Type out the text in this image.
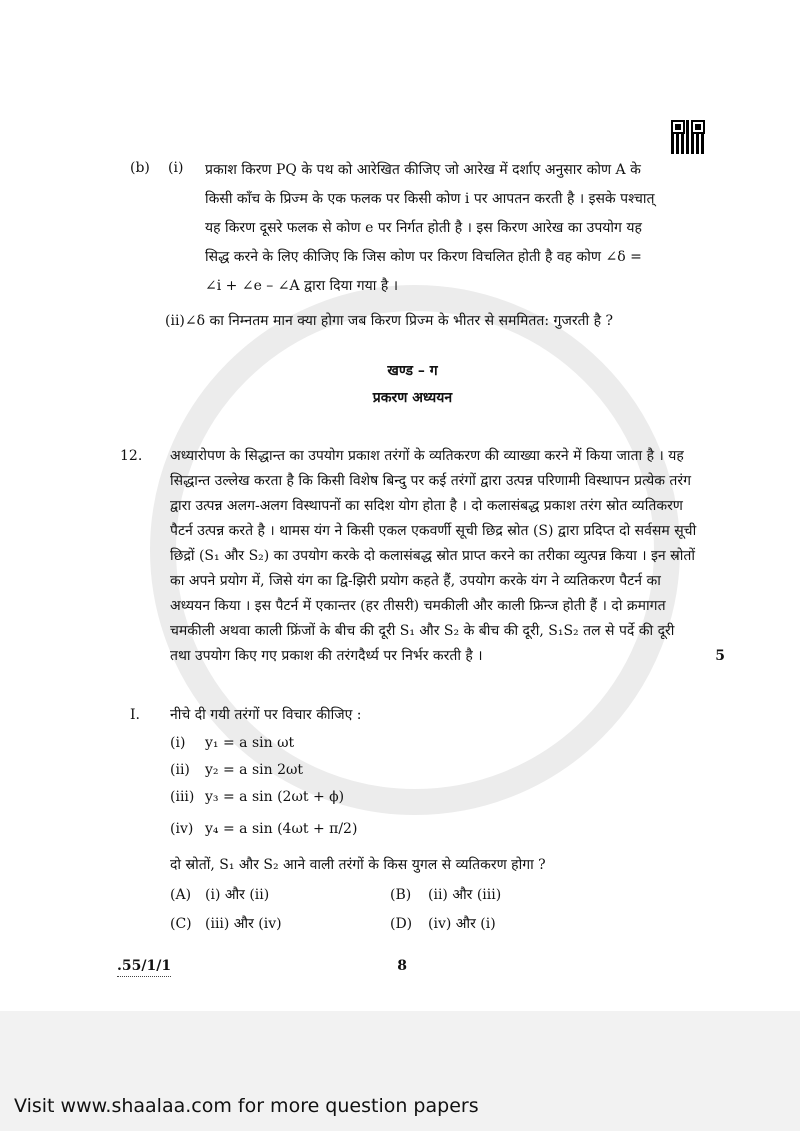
(b)	(i)	प्रकाश किरण PQ के पथ को आरेखित कीजिए जो आरेख में दर्शाए अनुसार कोण A के
किसी काँच के प्रिज्म के एक फलक पर किसी कोण i पर आपतन करती है । इसके पश्चात्
यह किरण दूसरे फलक से कोण e पर निर्गत होती है । इस किरण आरेख का उपयोग यह
सिद्ध करने के लिए कीजिए कि जिस कोण पर किरण विचलित होती है वह कोण ∠δ =
∠i + ∠e – ∠A द्वारा दिया गया है ।
(ii)∠δ का निम्नतम मान क्या होगा जब किरण प्रिज्म के भीतर से सममितत: गुजरती है ?
खण्ड – ग
प्रकरण अध्ययन
12.	अध्यारोपण के सिद्धान्त का उपयोग प्रकाश तरंगों के व्यतिकरण की व्याख्या करने में किया जाता है । यह
सिद्धान्त उल्लेख करता है कि किसी विशेष बिन्दु पर कई तरंगों द्वारा उत्पन्न परिणामी विस्थापन प्रत्येक तरंग
द्वारा उत्पन्न अलग-अलग विस्थापनों का सदिश योग होता है । दो कलासंबद्ध प्रकाश तरंग स्रोत व्यतिकरण
पैटर्न उत्पन्न करते है । थामस यंग ने किसी एकल एकवर्णी सूची छिद्र स्रोत (S) द्वारा प्रदिप्त दो सर्वसम सूची
छिद्रों (S₁ और S₂) का उपयोग करके दो कलासंबद्ध स्रोत प्राप्त करने का तरीका व्युत्पन्न किया । इन स्रोतों
का अपने प्रयोग में, जिसे यंग का द्वि-झिरी प्रयोग कहते हैं, उपयोग करके यंग ने व्यतिकरण पैटर्न का
अध्ययन किया । इस पैटर्न में एकान्तर (हर तीसरी) चमकीली और काली फ्रिन्ज होती हैं । दो क्रमागत
चमकीली अथवा काली फ्रिंजों के बीच की दूरी S₁ और S₂ के बीच की दूरी, S₁S₂ तल से पर्दे की दूरी
तथा उपयोग किए गए प्रकाश की तरंगदैर्ध्य पर निर्भर करती है ।	5
I.	नीचे दी गयी तरंगों पर विचार कीजिए :
(i)	y₁ = a sin ωt
(ii)	y₂ = a sin 2ωt
(iii) y₃ = a sin (2ωt + ϕ)
(iv) y₄ = a sin (4ωt + π/2)
दो स्रोतों, S₁ और S₂ आने वाली तरंगों के किस युगल से व्यतिकरण होगा ?
(A) (i) और (ii)	(B)	(ii) और (iii)
(C) (iii) और (iv)	(D)	(iv) और (i)
.55/1/1	8
Visit www.shaalaa.com for more question papers
